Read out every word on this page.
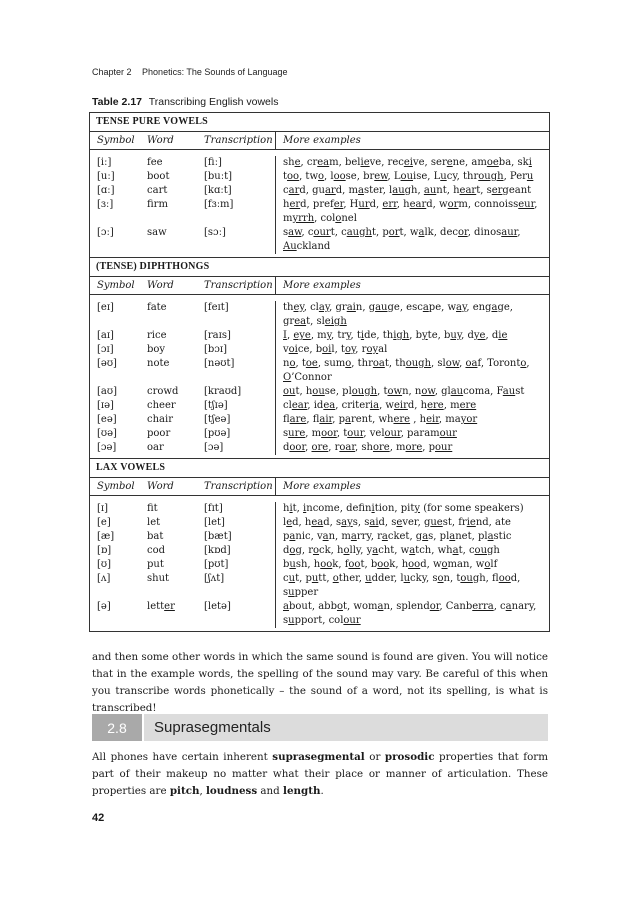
Chapter 2 Phonetics: The Sounds of Language
Table 2.17 Transcribing English vowels
TENSE PURE VOWELS
Symbol	Word	Transcription	More examples
[iː]	fee	[fiː]	she, cream, believe, receive, serene, amoeba, ski
[uː]	boot	[buːt]	too, two, loose, brew, Louise, Lucy, through, Peru
[ɑː]	cart	[kɑːt]	card, guard, master, laugh, aunt, heart, sergeant
[ɜː]	firm	[fɜːm]	herd, prefer, Hurd, err, heard, worm, connoisseur, myrrh, colonel
[ɔː]	saw	[sɔː]	saw, court, caught, port, walk, decor, dinosaur, Auckland
(TENSE) DIPHTHONGS
Symbol	Word	Transcription	More examples
[eɪ]	fate	[feɪt]	they, clay, grain, gauge, escape, way, engage, great, sleigh
[aɪ]	rice	[raɪs]	I, eye, my, try, tide, thigh, byte, buy, dye, die
[ɔɪ]	boy	[bɔɪ]	voice, boil, toy, royal
[əʊ]	note	[nəʊt]	no, toe, sumo, throat, though, slow, oaf, Toronto, O’Connor
[aʊ]	crowd	[kraʊd]	out, house, plough, town, now, glaucoma, Faust
[ɪə]	cheer	[tʃɪə]	clear, idea, criteria, weird, here, mere
[eə]	chair	[tʃeə]	flare, flair, parent, where , heir, mayor
[ʊə]	poor	[pʊə]	sure, moor, tour, velour, paramour
[ɔə]	oar	[ɔə]	door, ore, roar, shore, more, pour
LAX VOWELS
Symbol	Word	Transcription	More examples
[ɪ]	fit	[fɪt]	hit, income, definition, pity (for some speakers)
[e]	let	[let]	led, head, says, said, sever, guest, friend, ate
[æ]	bat	[bæt]	panic, van, marry, racket, gas, planet, plastic
[ɒ]	cod	[kɒd]	dog, rock, holly, yacht, watch, what, cough
[ʊ]	put	[pʊt]	bush, hook, foot, book, hood, woman, wolf
[ʌ]	shut	[ʃʌt]	cut, putt, other, udder, lucky, son, tough, flood, supper
[ə]	letter	[letə]	about, abbot, woman, splendor, Canberra, canary, support, colour
and then some other words in which the same sound is found are given. You will notice that in the example words, the spelling of the sound may vary. Be careful of this when you transcribe words phonetically – the sound of a word, not its spelling, is what is transcribed!
2.8	Suprasegmentals
All phones have certain inherent suprasegmental or prosodic properties that form part of their makeup no matter what their place or manner of articulation. These properties are pitch, loudness and length.
42
